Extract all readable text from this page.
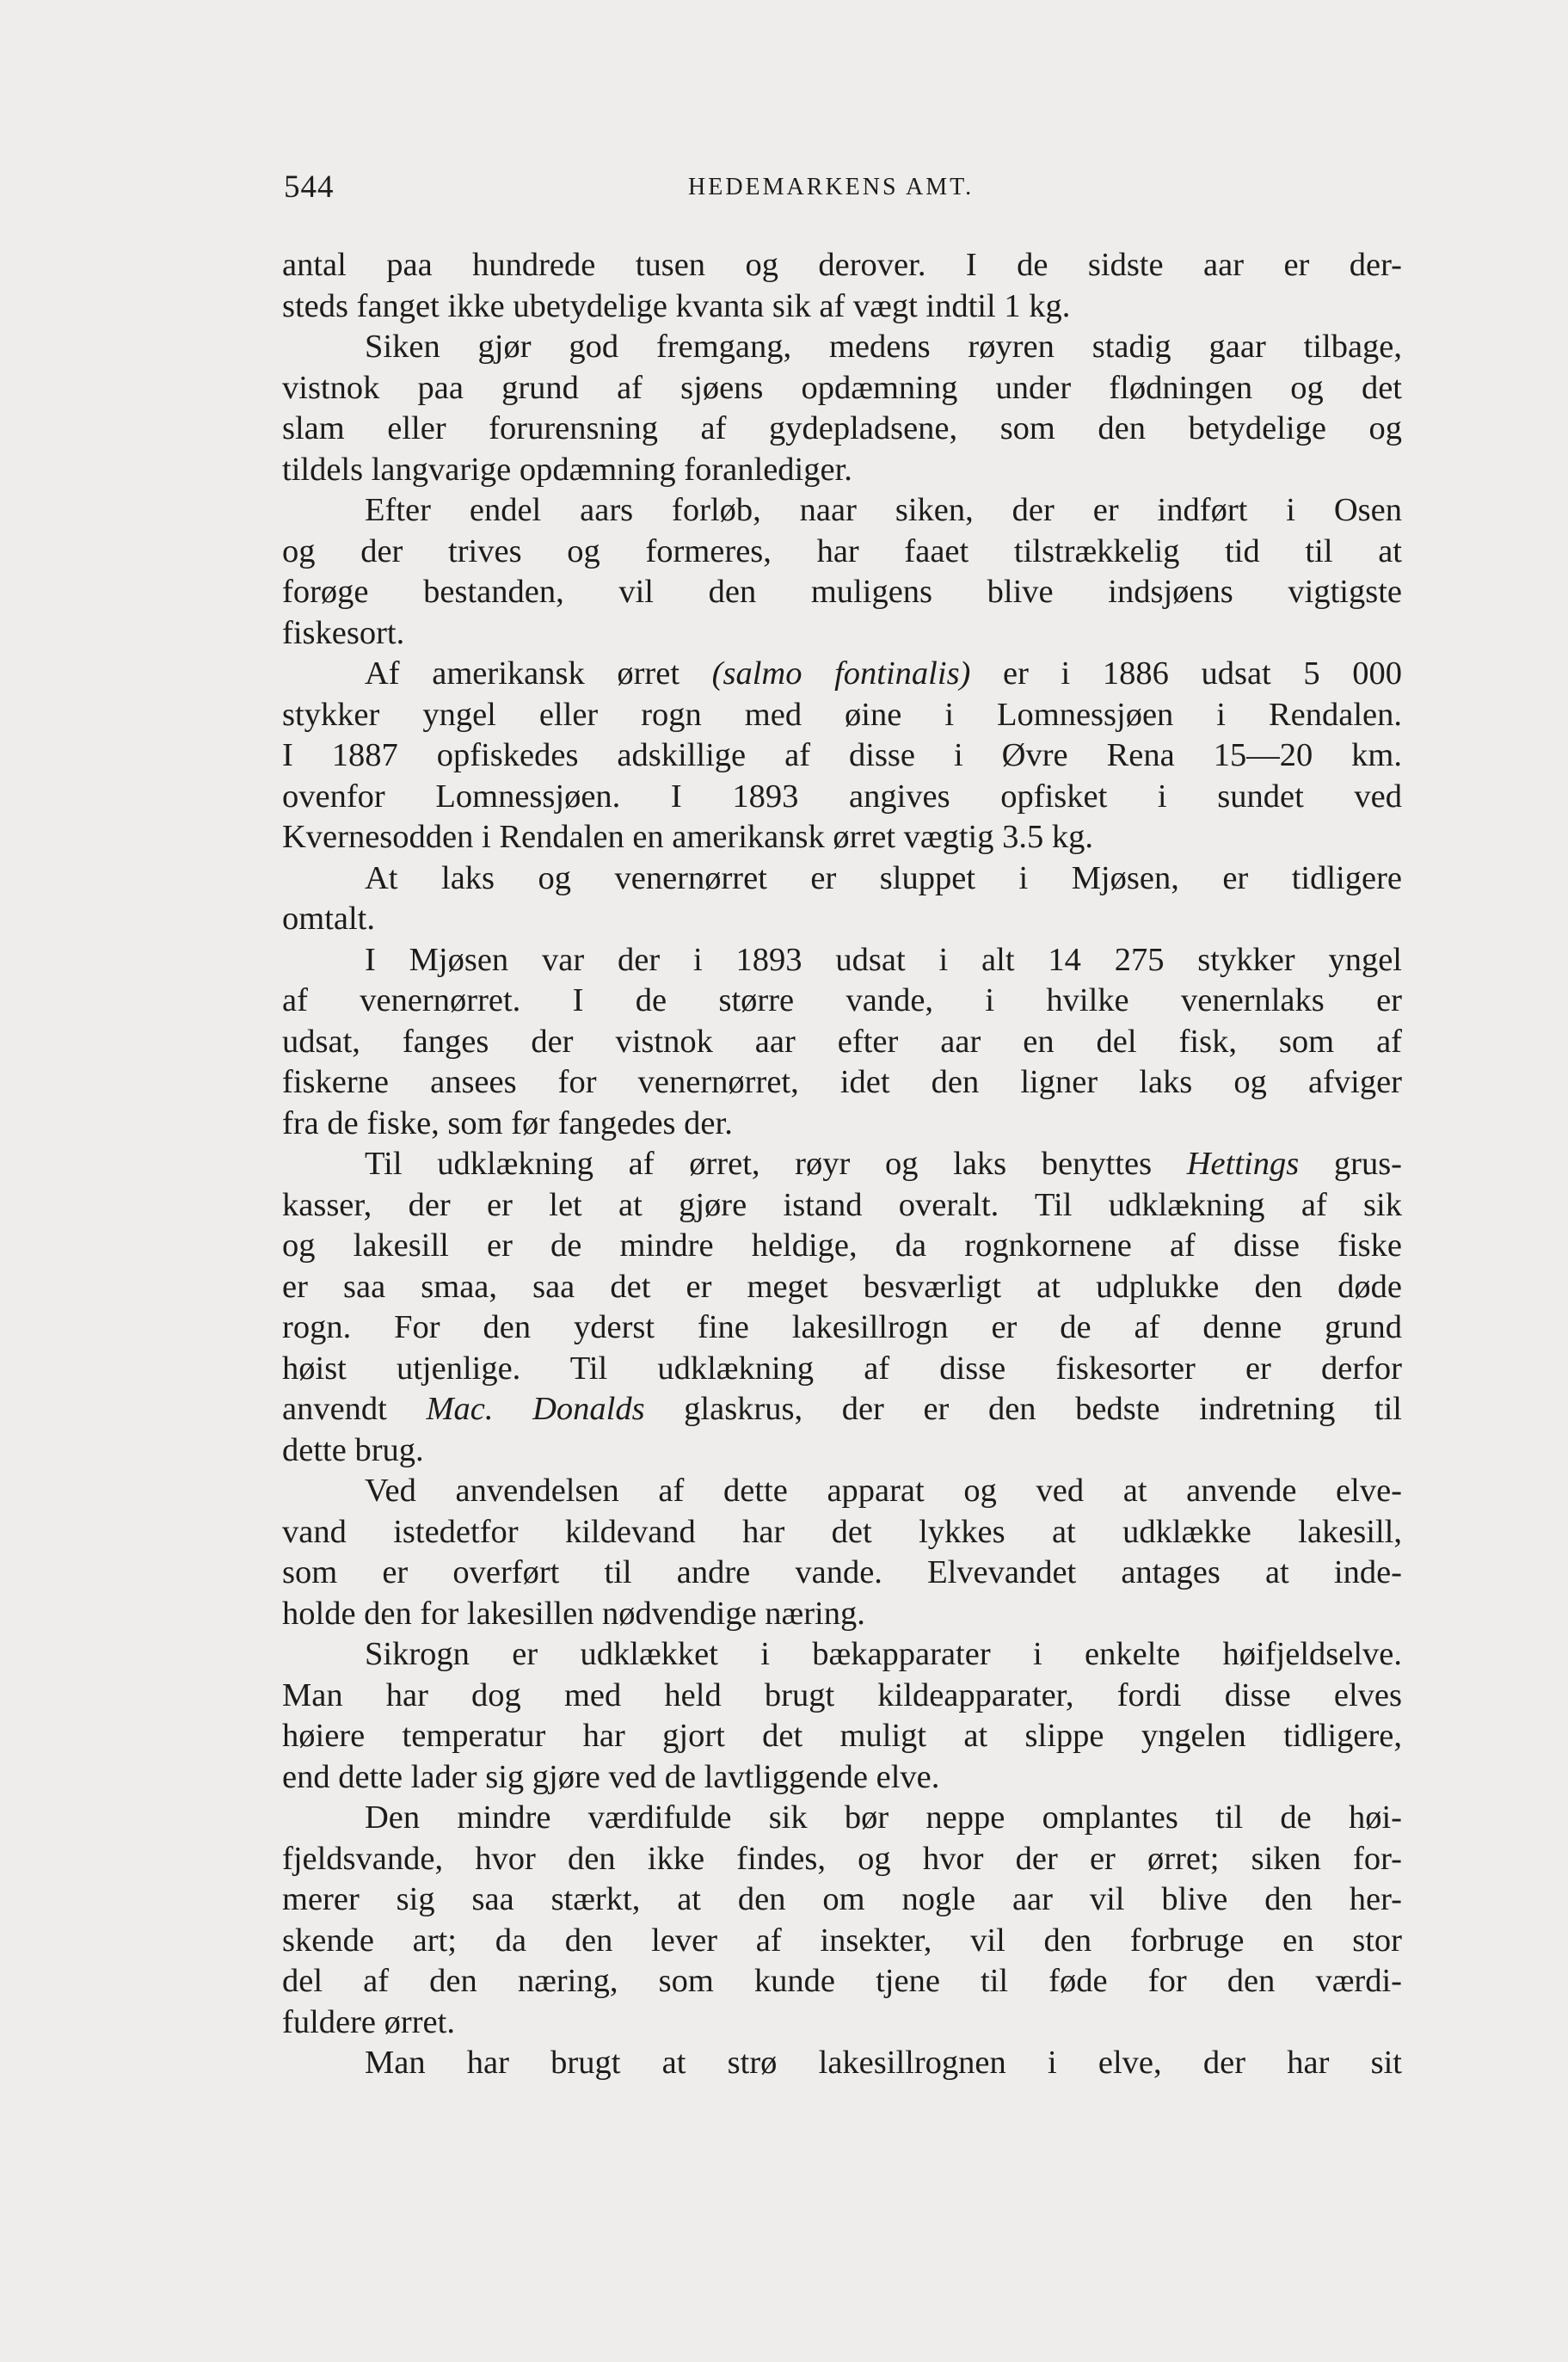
544	HEDEMARKENS AMT.
antal paa hundrede tusen og derover. I de sidste aar er der-
steds fanget ikke ubetydelige kvanta sik af vægt indtil 1 kg.
Siken gjør god fremgang, medens røyren stadig gaar tilbage,
vistnok paa grund af sjøens opdæmning under flødningen og det
slam eller forurensning af gydepladsene, som den betydelige og
tildels langvarige opdæmning foranlediger.
Efter endel aars forløb, naar siken, der er indført i Osen
og der trives og formeres, har faaet tilstrækkelig tid til at
forøge bestanden, vil den muligens blive indsjøens vigtigste
fiskesort.
Af amerikansk ørret (salmo fontinalis) er i 1886 udsat 5 000
stykker yngel eller rogn med øine i Lomnessjøen i Rendalen.
I 1887 opfiskedes adskillige af disse i Øvre Rena 15—20 km.
ovenfor Lomnessjøen. I 1893 angives opfisket i sundet ved
Kvernesodden i Rendalen en amerikansk ørret vægtig 3.5 kg.
At laks og venernørret er sluppet i Mjøsen, er tidligere
omtalt.
I Mjøsen var der i 1893 udsat i alt 14 275 stykker yngel
af venernørret. I de større vande, i hvilke venernlaks er
udsat, fanges der vistnok aar efter aar en del fisk, som af
fiskerne ansees for venernørret, idet den ligner laks og afviger
fra de fiske, som før fangedes der.
Til udklækning af ørret, røyr og laks benyttes Hettings grus-
kasser, der er let at gjøre istand overalt. Til udklækning af sik
og lakesill er de mindre heldige, da rognkornene af disse fiske
er saa smaa, saa det er meget besværligt at udplukke den døde
rogn. For den yderst fine lakesillrogn er de af denne grund
høist utjenlige. Til udklækning af disse fiskesorter er derfor
anvendt Mac. Donalds glaskrus, der er den bedste indretning til
dette brug.
Ved anvendelsen af dette apparat og ved at anvende elve-
vand istedetfor kildevand har det lykkes at udklække lakesill,
som er overført til andre vande. Elvevandet antages at inde-
holde den for lakesillen nødvendige næring.
Sikrogn er udklækket i bækapparater i enkelte høifjeldselve.
Man har dog med held brugt kildeapparater, fordi disse elves
høiere temperatur har gjort det muligt at slippe yngelen tidligere,
end dette lader sig gjøre ved de lavtliggende elve.
Den mindre værdifulde sik bør neppe omplantes til de høi-
fjeldsvande, hvor den ikke findes, og hvor der er ørret; siken for-
merer sig saa stærkt, at den om nogle aar vil blive den her-
skende art; da den lever af insekter, vil den forbruge en stor
del af den næring, som kunde tjene til føde for den værdi-
fuldere ørret.
Man har brugt at strø lakesillrognen i elve, der har sit
